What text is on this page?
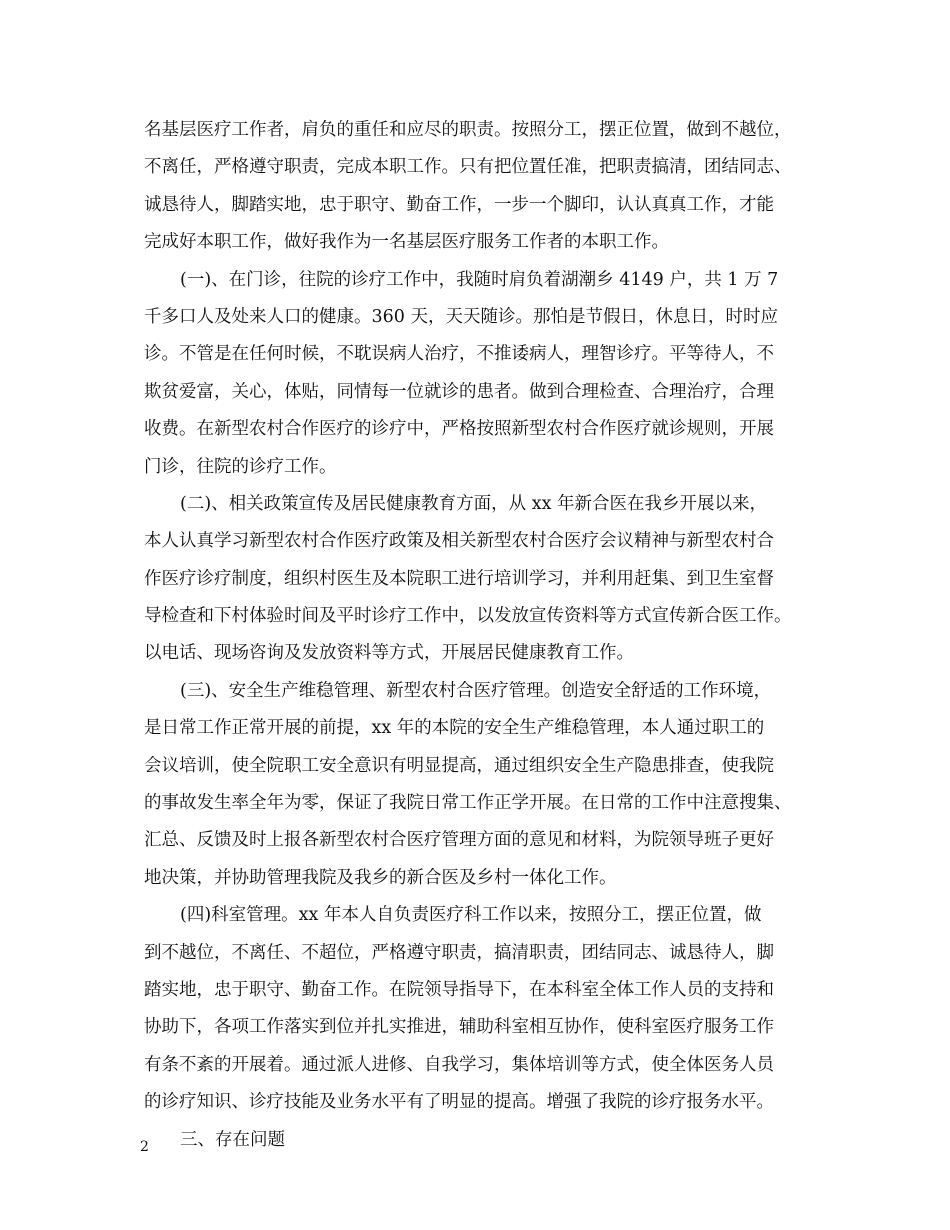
名基层医疗工作者，肩负的重任和应尽的职责。按照分工，摆正位置，做到不越位，
不离任，严格遵守职责，完成本职工作。只有把位置任准，把职责搞清，团结同志、
诚恳待人，脚踏实地，忠于职守、勤奋工作，一步一个脚印，认认真真工作，才能
完成好本职工作，做好我作为一名基层医疗服务工作者的本职工作。
(一)、在门诊，往院的诊疗工作中，我随时肩负着湖潮乡 4149 户，共 1 万 7
千多口人及处来人口的健康。360 天，天天随诊。那怕是节假日，休息日，时时应
诊。不管是在任何时候，不耽误病人治疗，不推诿病人，理智诊疗。平等待人，不
欺贫爱富，关心，体贴，同情每一位就诊的患者。做到合理检查、合理治疗，合理
收费。在新型农村合作医疗的诊疗中，严格按照新型农村合作医疗就诊规则，开展
门诊，往院的诊疗工作。
(二)、相关政策宣传及居民健康教育方面，从 xx 年新合医在我乡开展以来，
本人认真学习新型农村合作医疗政策及相关新型农村合医疗会议精神与新型农村合
作医疗诊疗制度，组织村医生及本院职工进行培训学习，并利用赶集、到卫生室督
导检查和下村体验时间及平时诊疗工作中，以发放宣传资料等方式宣传新合医工作。
以电话、现场咨询及发放资料等方式，开展居民健康教育工作。
(三)、安全生产维稳管理、新型农村合医疗管理。创造安全舒适的工作环境，
是日常工作正常开展的前提，xx 年的本院的安全生产维稳管理，本人通过职工的
会议培训，使全院职工安全意识有明显提高，通过组织安全生产隐患排查，使我院
的事故发生率全年为零，保证了我院日常工作正学开展。在日常的工作中注意搜集、
汇总、反馈及时上报各新型农村合医疗管理方面的意见和材料，为院领导班子更好
地决策，并协助管理我院及我乡的新合医及乡村一体化工作。
(四)科室管理。xx 年本人自负责医疗科工作以来，按照分工，摆正位置，做
到不越位，不离任、不超位，严格遵守职责，搞清职责，团结同志、诚恳待人，脚
踏实地，忠于职守、勤奋工作。在院领导指导下，在本科室全体工作人员的支持和
协助下，各项工作落实到位并扎实推进，辅助科室相互协作，使科室医疗服务工作
有条不紊的开展着。通过派人进修、自我学习，集体培训等方式，使全体医务人员
的诊疗知识、诊疗技能及业务水平有了明显的提高。增强了我院的诊疗报务水平。
三、存在问题
2
